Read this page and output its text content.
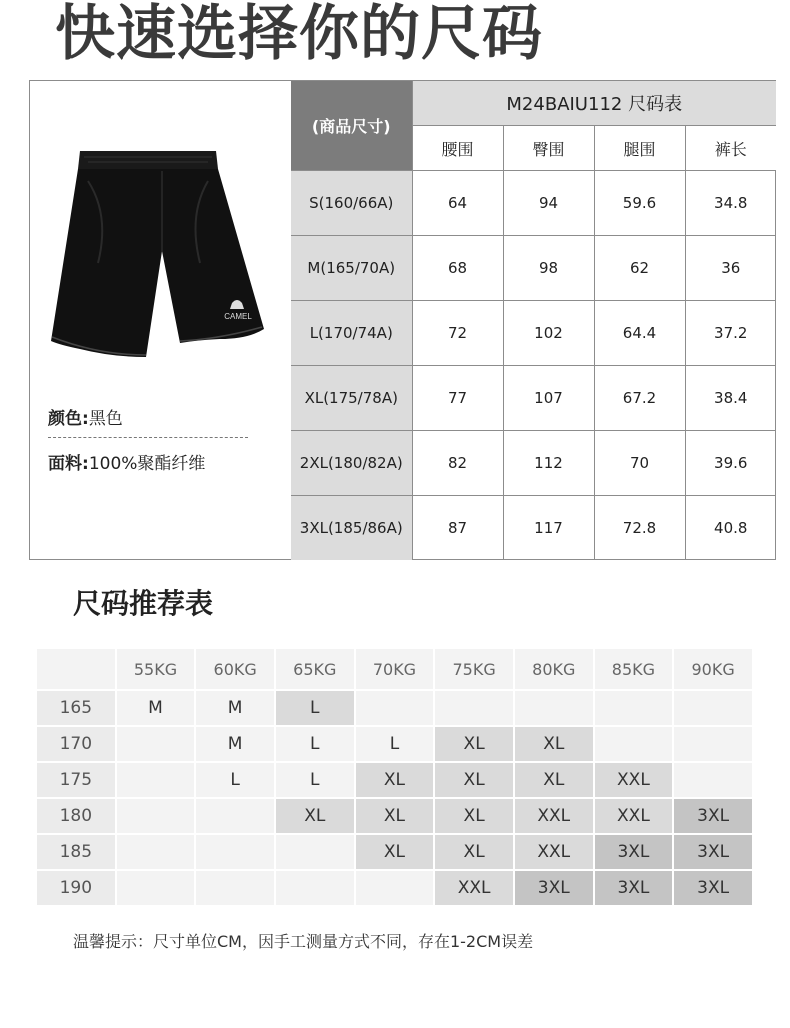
快速选择你的尺码
CAMEL
颜色:黑色
面料:100%聚酯纤维
(商品尺寸)	M24BAIU112 尺码表			
	腰围	臀围	腿围	裤长
S(160/66A)	64	94	59.6	34.8
M(165/70A)	68	98	62	36
L(170/74A)	72	102	64.4	37.2
XL(175/78A)	77	107	67.2	38.4
2XL(180/82A)	82	112	70	39.6
3XL(185/86A)	87	117	72.8	40.8
尺码推荐表
	55KG	60KG	65KG	70KG	75KG	80KG	85KG	90KG
165	M	M	L					
170		M	L	L	XL	XL		
175		L	L	XL	XL	XL	XXL	
180			XL	XL	XL	XXL	XXL	3XL
185				XL	XL	XXL	3XL	3XL
190					XXL	3XL	3XL	3XL

温馨提示：尺寸单位CM，因手工测量方式不同，存在1-2CM误差
